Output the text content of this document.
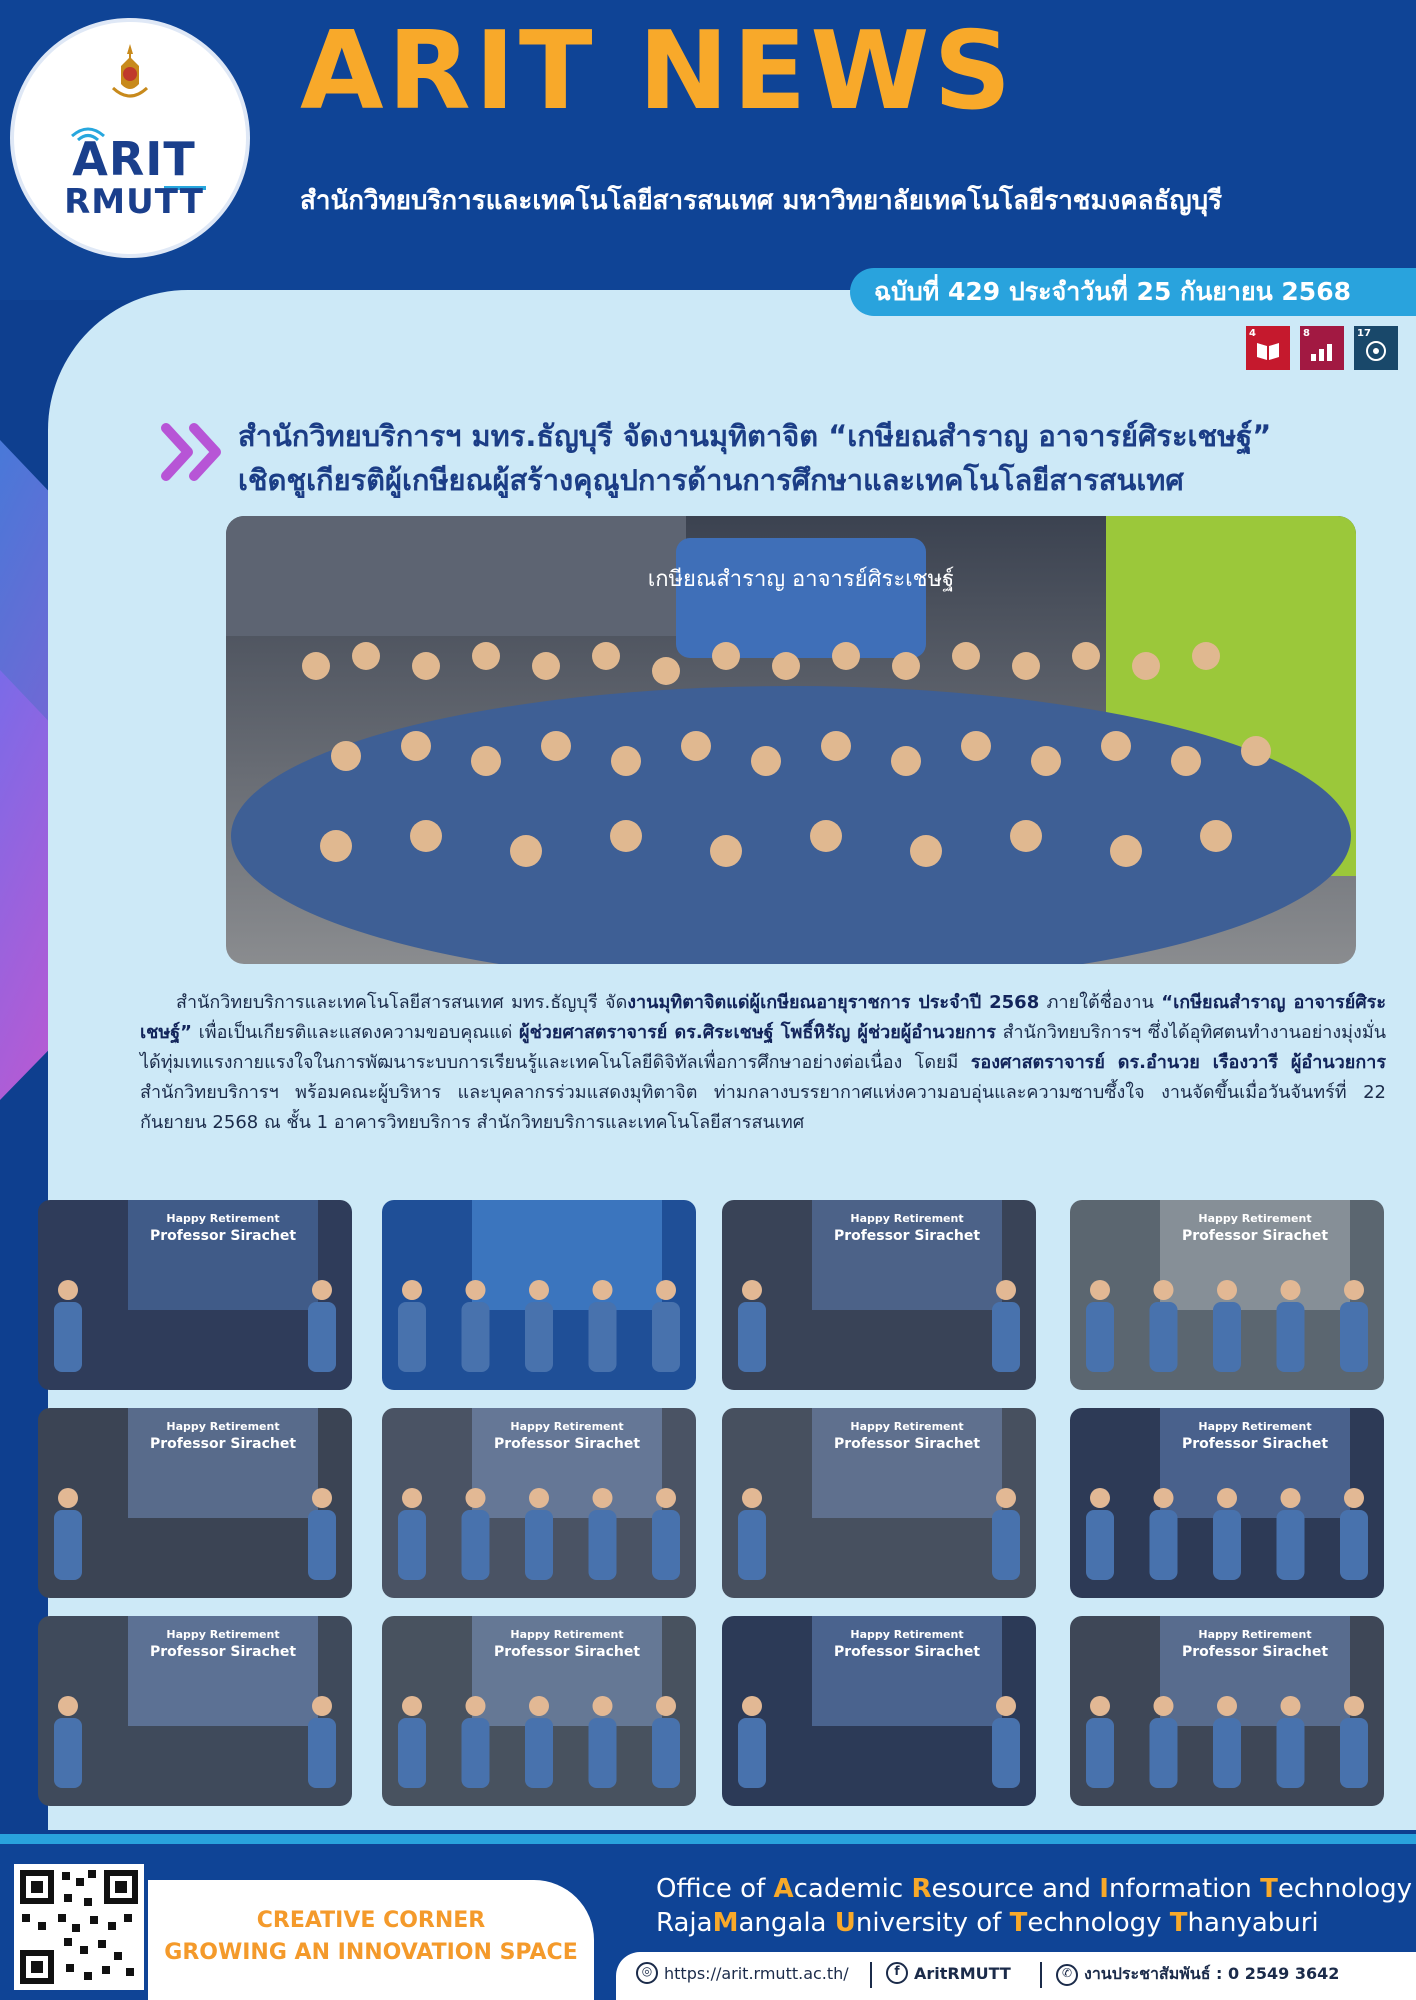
ARIT
RMUTT
ARIT NEWS
สำนักวิทยบริการและเทคโนโลยีสารสนเทศ มหาวิทยาลัยเทคโนโลยีราชมงคลธัญบุรี
ฉบับที่ 429 ประจำวันที่ 25 กันยายน 2568
4	8	17
สำนักวิทยบริการฯ มทร.ธัญบุรี จัดงานมุทิตาจิต “เกษียณสำราญ อาจารย์ศิระเชษฐ์”
เชิดชูเกียรติผู้เกษียณผู้สร้างคุณูปการด้านการศึกษาและเทคโนโลยีสารสนเทศ
เกษียณสำราญ อาจารย์ศิระเชษฐ์

สำนักวิทยบริการและเทคโนโลยีสารสนเทศ มทร.ธัญบุรี จัดงานมุทิตาจิตแด่ผู้เกษียณอายุราชการ ประจำปี 2568 ภายใต้ชื่องาน “เกษียณสำราญ อาจารย์ศิระเชษฐ์” เพื่อเป็นเกียรติและแสดงความขอบคุณแด่ ผู้ช่วยศาสตราจารย์ ดร.ศิระเชษฐ์ โพธิ์หิรัญ ผู้ช่วยผู้อำนวยการ สำนักวิทยบริการฯ ซึ่งได้อุทิศตนทำงานอย่างมุ่งมั่น ได้ทุ่มเทแรงกายแรงใจในการพัฒนาระบบการเรียนรู้และเทคโนโลยีดิจิทัลเพื่อการศึกษาอย่างต่อเนื่อง โดยมี รองศาสตราจารย์ ดร.อำนวย เรืองวารี ผู้อำนวยการ สำนักวิทยบริการฯ พร้อมคณะผู้บริหาร และบุคลากรร่วมแสดงมุทิตาจิต ท่ามกลางบรรยากาศแห่งความอบอุ่นและความซาบซึ้งใจ งานจัดขึ้นเมื่อวันจันทร์ที่ 22 กันยายน 2568 ณ ชั้น 1 อาคารวิทยบริการ สำนักวิทยบริการและเทคโนโลยีสารสนเทศ

Happy Retirement
Professor Sirachet
Happy Retirement
Professor Sirachet
Happy Retirement
Professor Sirachet
Happy Retirement
Professor Sirachet
Happy Retirement
Professor Sirachet
Happy Retirement
Professor Sirachet
Happy Retirement
Professor Sirachet
Happy Retirement
Professor Sirachet
Happy Retirement
Professor Sirachet
Happy Retirement
Professor Sirachet
Happy Retirement
Professor Sirachet
CREATIVE CORNER
GROWING AN INNOVATION SPACE
Office of Academic Resource and Information Technology
RajaMangala University of Technology Thanyaburi
◎ https://arit.rmutt.ac.th/	f AritRMUTT	✆ งานประชาสัมพันธ์ : 0 2549 3642
